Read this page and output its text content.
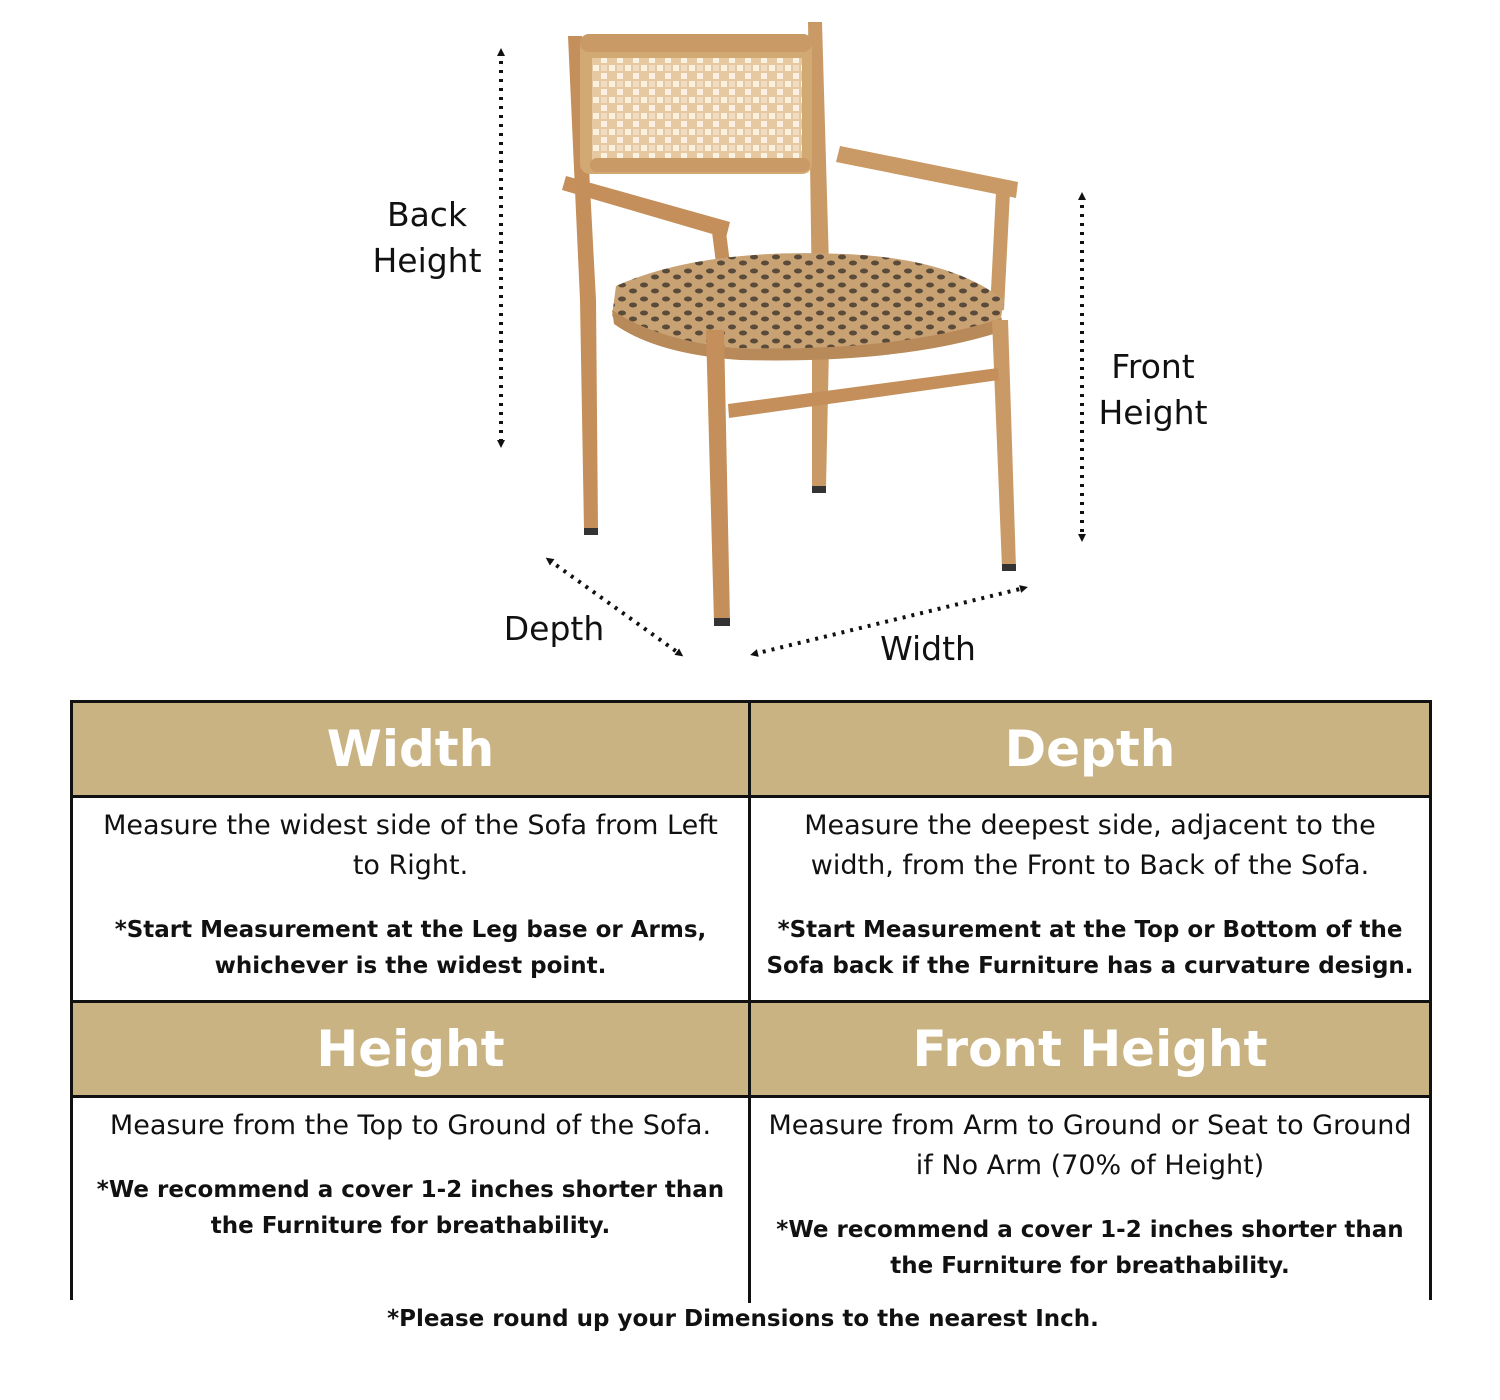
Back
Height
Front
Height
Depth
Width
Width	Depth

Measure the widest side of the Sofa from Left to Right.

*Start Measurement at the Leg base or Arms, whichever is the widest point.

Measure the deepest side, adjacent to the width, from the Front to Back of the Sofa.

*Start Measurement at the Top or Bottom of the Sofa back if the Furniture has a curvature design.

Height	Front Height

Measure from the Top to Ground of the Sofa.

*We recommend a cover 1-2 inches shorter than the Furniture for breathability.

Measure from Arm to Ground or Seat to Ground if No Arm (70% of Height)

*We recommend a cover 1-2 inches shorter than the Furniture for breathability.

*Please round up your Dimensions to the nearest Inch.
